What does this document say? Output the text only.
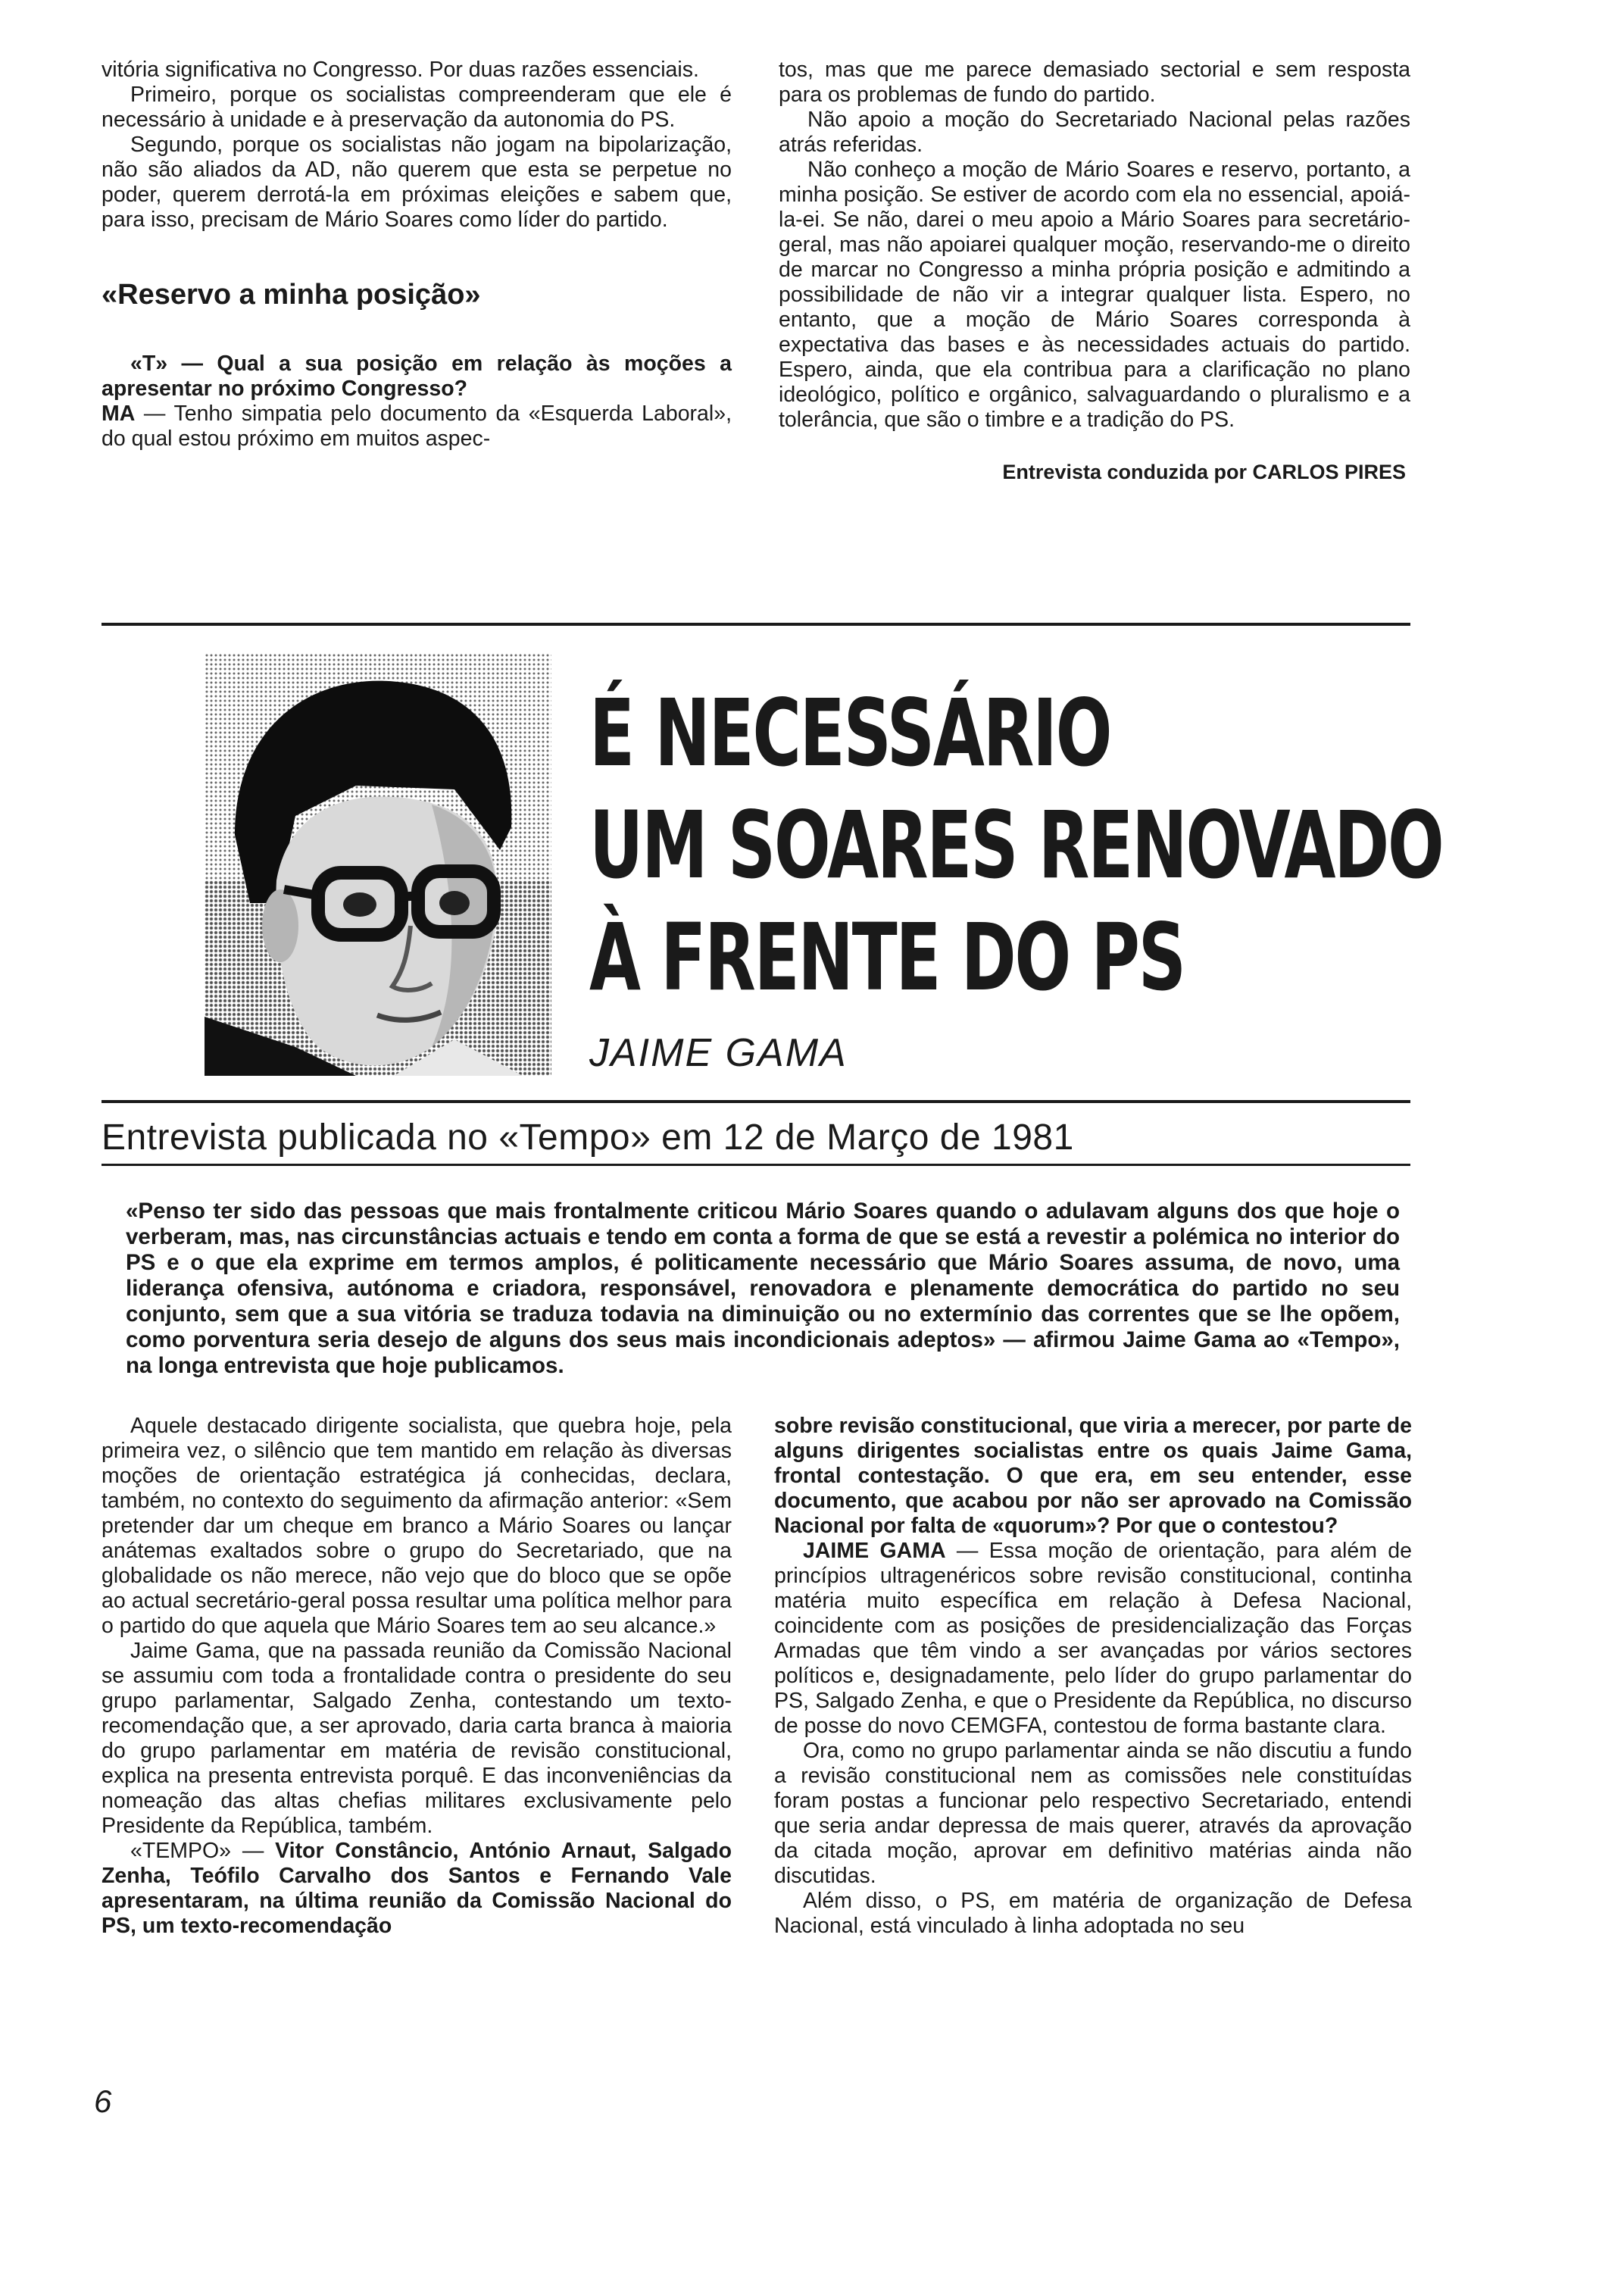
vitória significativa no Congresso. Por duas razões essenciais.

Primeiro, porque os socialistas compreenderam que ele é necessário à unidade e à preservação da autonomia do PS.

Segundo, porque os socialistas não jogam na bipolarização, não são aliados da AD, não querem que esta se perpetue no poder, querem derrotá-la em próximas eleições e sabem que, para isso, precisam de Mário Soares como líder do partido.

«Reservo a minha posição»

«T» — Qual a sua posição em relação às moções a apresentar no próximo Congresso?

MA — Tenho simpatia pelo documento da «Esquerda Laboral», do qual estou próximo em muitos aspec-

tos, mas que me parece demasiado sectorial e sem resposta para os problemas de fundo do partido.

Não apoio a moção do Secretariado Nacional pelas razões atrás referidas.

Não conheço a moção de Mário Soares e reservo, portanto, a minha posição. Se estiver de acordo com ela no essencial, apoiá-la-ei. Se não, darei o meu apoio a Mário Soares para secretário-geral, mas não apoiarei qualquer moção, reservando-me o direito de marcar no Congresso a minha própria posição e admitindo a possibilidade de não vir a integrar qualquer lista. Espero, no entanto, que a moção de Mário Soares corresponda à expectativa das bases e às necessidades actuais do partido. Espero, ainda, que ela contribua para a clarificação no plano ideológico, político e orgânico, salvaguardando o pluralismo e a tolerância, que são o timbre e a tradição do PS.

Entrevista conduzida por CARLOS PIRES

É NECESSÁRIO
UM SOARES RENOVADO
À FRENTE DO PS
JAIME GAMA
Entrevista publicada no «Tempo» em 12 de Março de 1981

«Penso ter sido das pessoas que mais frontalmente criticou Mário Soares quando o adulavam alguns dos que hoje o verberam, mas, nas circunstâncias actuais e tendo em conta a forma de que se está a revestir a polémica no interior do PS e o que ela exprime em termos amplos, é politicamente necessário que Mário Soares assuma, de novo, uma liderança ofensiva, autónoma e criadora, responsável, renovadora e plenamente democrática do partido no seu conjunto, sem que a sua vitória se traduza todavia na diminuição ou no extermínio das correntes que se lhe opõem, como porventura seria desejo de alguns dos seus mais incondicionais adeptos» — afirmou Jaime Gama ao «Tempo», na longa entrevista que hoje publicamos.

Aquele destacado dirigente socialista, que quebra hoje, pela primeira vez, o silêncio que tem mantido em relação às diversas moções de orientação estratégica já conhecidas, declara, também, no contexto do seguimento da afirmação anterior: «Sem pretender dar um cheque em branco a Mário Soares ou lançar anátemas exaltados sobre o grupo do Secretariado, que na globalidade os não merece, não vejo que do bloco que se opõe ao actual secretário-geral possa resultar uma política melhor para o partido do que aquela que Mário Soares tem ao seu alcance.»

Jaime Gama, que na passada reunião da Comissão Nacional se assumiu com toda a frontalidade contra o presidente do seu grupo parlamentar, Salgado Zenha, contestando um texto-recomendação que, a ser aprovado, daria carta branca à maioria do grupo parlamentar em matéria de revisão constitucional, explica na presenta entrevista porquê. E das inconveniências da nomeação das altas chefias militares exclusivamente pelo Presidente da República, também.

«TEMPO» — Vitor Constâncio, António Arnaut, Salgado Zenha, Teófilo Carvalho dos Santos e Fernando Vale apresentaram, na última reunião da Comissão Nacional do PS, um texto-recomendação

sobre revisão constitucional, que viria a merecer, por parte de alguns dirigentes socialistas entre os quais Jaime Gama, frontal contestação. O que era, em seu entender, esse documento, que acabou por não ser aprovado na Comissão Nacional por falta de «quorum»? Por que o contestou?

JAIME GAMA — Essa moção de orientação, para além de princípios ultragenéricos sobre revisão constitucional, continha matéria muito específica em relação à Defesa Nacional, coincidente com as posições de presidencialização das Forças Armadas que têm vindo a ser avançadas por vários sectores políticos e, designadamente, pelo líder do grupo parlamentar do PS, Salgado Zenha, e que o Presidente da República, no discurso de posse do novo CEMGFA, contestou de forma bastante clara.

Ora, como no grupo parlamentar ainda se não discutiu a fundo a revisão constitucional nem as comissões nele constituídas foram postas a funcionar pelo respectivo Secretariado, entendi que seria andar depressa de mais querer, através da aprovação da citada moção, aprovar em definitivo matérias ainda não discutidas.

Além disso, o PS, em matéria de organização de Defesa Nacional, está vinculado à linha adoptada no seu

6
